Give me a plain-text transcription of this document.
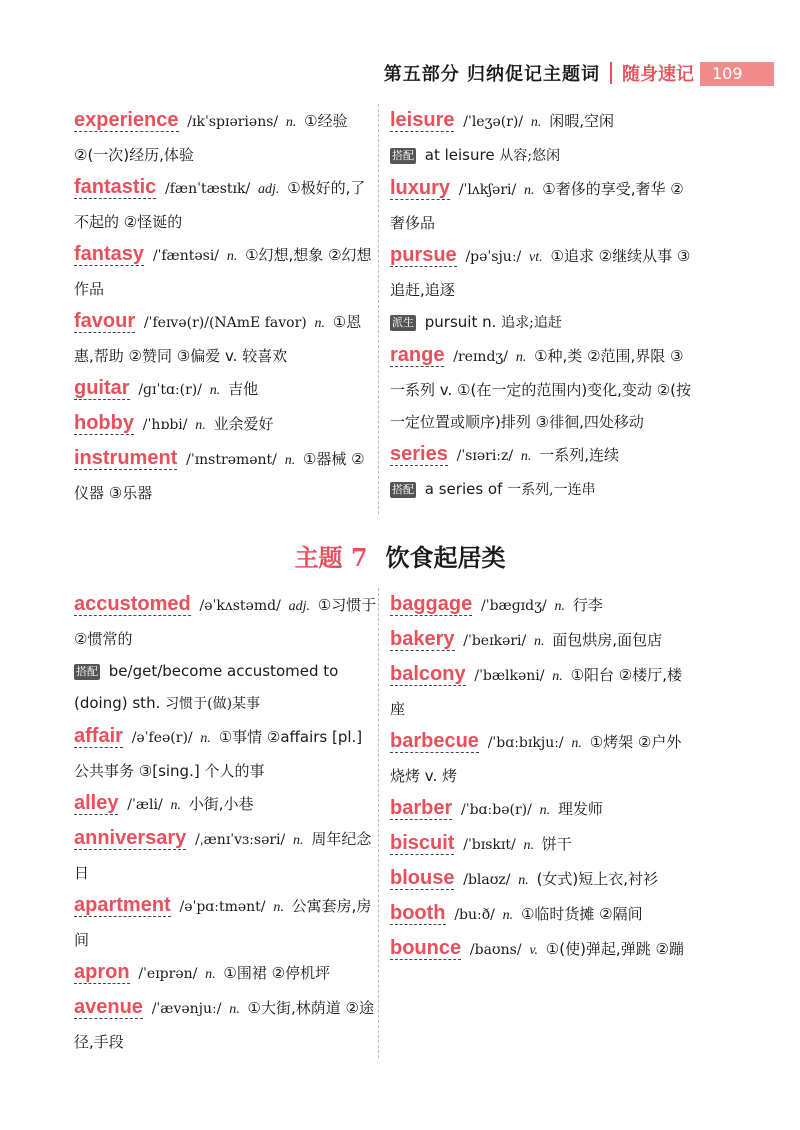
第五部分 归纳促记主题词 随身速记	109
experience /ɪkˈspɪəriəns/ n. ①经验 ②(一次)经历,体验
fantastic /fænˈtæstɪk/ adj. ①极好的,了不起的 ②怪诞的
fantasy /ˈfæntəsi/ n. ①幻想,想象 ②幻想作品
favour /ˈfeɪvə(r)/(NAmE favor) n. ①恩惠,帮助 ②赞同 ③偏爱 v. 较喜欢
guitar /ɡɪˈtɑː(r)/ n. 吉他
hobby /ˈhɒbi/ n. 业余爱好
instrument /ˈɪnstrəmənt/ n. ①器械 ②仪器 ③乐器
leisure /ˈleʒə(r)/ n. 闲暇,空闲
搭配 at leisure 从容;悠闲
luxury /ˈlʌkʃəri/ n. ①奢侈的享受,奢华 ②奢侈品
pursue /pəˈsjuː/ vt. ①追求 ②继续从事 ③追赶,追逐
派生 pursuit n. 追求;追赶
range /reɪndʒ/ n. ①种,类 ②范围,界限 ③一系列 v. ①(在一定的范围内)变化,变动 ②(按一定位置或顺序)排列 ③徘徊,四处移动
series /ˈsɪəriːz/ n. 一系列,连续
搭配 a series of 一系列,一连串
主题 7 饮食起居类
accustomed /əˈkʌstəmd/ adj. ①习惯于 ②惯常的
搭配 be/get/become accustomed to (doing) sth. 习惯于(做)某事
affair /əˈfeə(r)/ n. ①事情 ②affairs [pl.] 公共事务 ③[sing.] 个人的事
alley /ˈæli/ n. 小街,小巷
anniversary /ˌænɪˈvɜːsəri/ n. 周年纪念日
apartment /əˈpɑːtmənt/ n. 公寓套房,房间
apron /ˈeɪprən/ n. ①围裙 ②停机坪
avenue /ˈævənjuː/ n. ①大街,林荫道 ②途径,手段
baggage /ˈbæɡɪdʒ/ n. 行李
bakery /ˈbeɪkəri/ n. 面包烘房,面包店
balcony /ˈbælkəni/ n. ①阳台 ②楼厅,楼座
barbecue /ˈbɑːbɪkjuː/ n. ①烤架 ②户外烧烤 v. 烤
barber /ˈbɑːbə(r)/ n. 理发师
biscuit /ˈbɪskɪt/ n. 饼干
blouse /blaʊz/ n. (女式)短上衣,衬衫
booth /buːð/ n. ①临时货摊 ②隔间
bounce /baʊns/ v. ①(使)弹起,弹跳 ②蹦
